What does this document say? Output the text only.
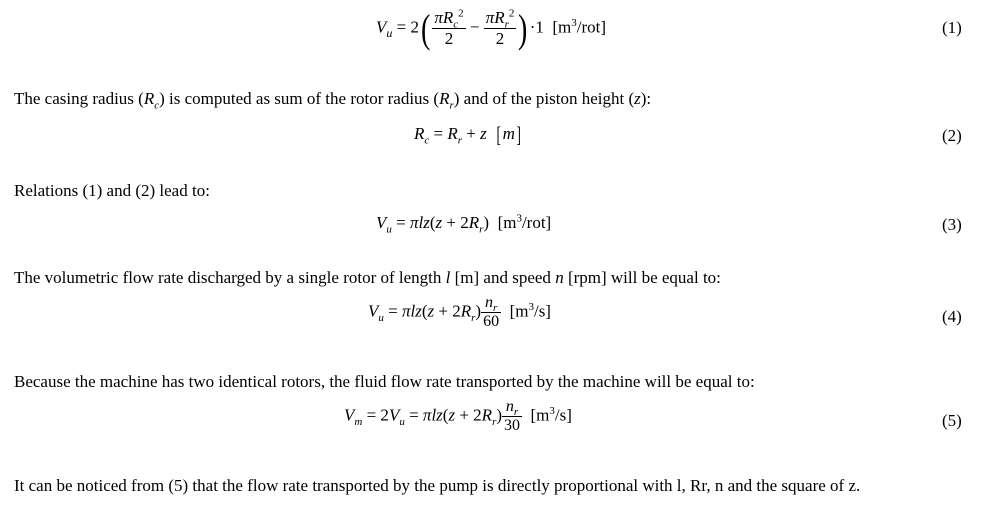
$V_u = 2( \frac{\pi R_c^2}{2} - \frac{\pi R_r^2}{2}$ ) ·1  $[m^3/rot]$	(1)
The casing radius $(R_c)$ is computed as sum of the rotor radius $(R_r)$ and of the piston height (z):
$R_c = R_r + z$ [m]	(2)
Relations (1) and (2) lead to:
$V_u = \pi lz(z + 2R_r)$  $[m^3/rot]$	(3)
The volumetric flow rate discharged by a single rotor of length l [m] and speed n [rpm] will be equal to:
$V_u = \pi lz(z + 2R_r) \frac{n_r}{60} [m^3/s]$	(4)
Because the machine has two identical rotors, the fluid flow rate transported by the machine will be equal to:
$V_m = 2V_u = \pi lz(z + 2R_r) \frac{n_r}{30} [m^3/s]$	(5)
It can be noticed from (5) that the flow rate transported by the pump is directly proportional with l, Rr, n and the square of z.
